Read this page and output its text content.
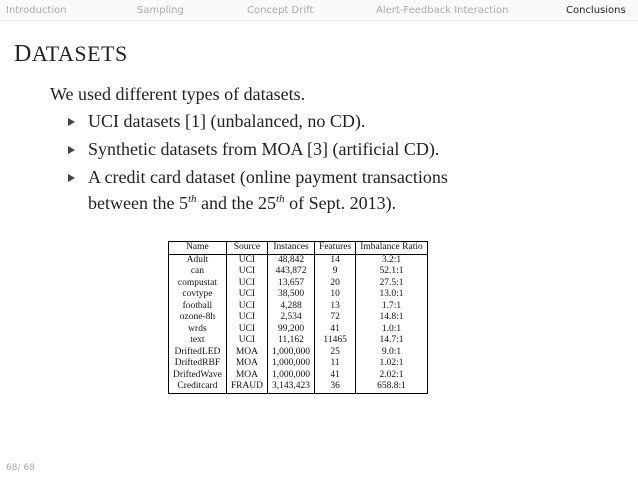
Introduction	Sampling	Concept Drift	Alert-Feedback Interaction	Conclusions
DATASETS
We used different types of datasets.
UCI datasets [1] (unbalanced, no CD).
Synthetic datasets from MOA [3] (artificial CD).
A credit card dataset (online payment transactions
between the 5th and the 25th of Sept. 2013).
Name	Source	Instances	Features	Imbalance Ratio
Adult	UCI	48,842	14	3.2:1
can	UCI	443,872	9	52.1:1
compustat	UCI	13,657	20	27.5:1
covtype	UCI	38,500	10	13.0:1
football	UCI	4,288	13	1.7:1
ozone-8h	UCI	2,534	72	14.8:1
wrds	UCI	99,200	41	1.0:1
text	UCI	11,162	11465	14.7:1
DriftedLED	MOA	1,000,000	25	9.0:1
DriftedRBF	MOA	1,000,000	11	1.02:1
DriftedWave	MOA	1,000,000	41	2.02:1
Creditcard	FRAUD	3,143,423	36	658.8:1
68/ 68
